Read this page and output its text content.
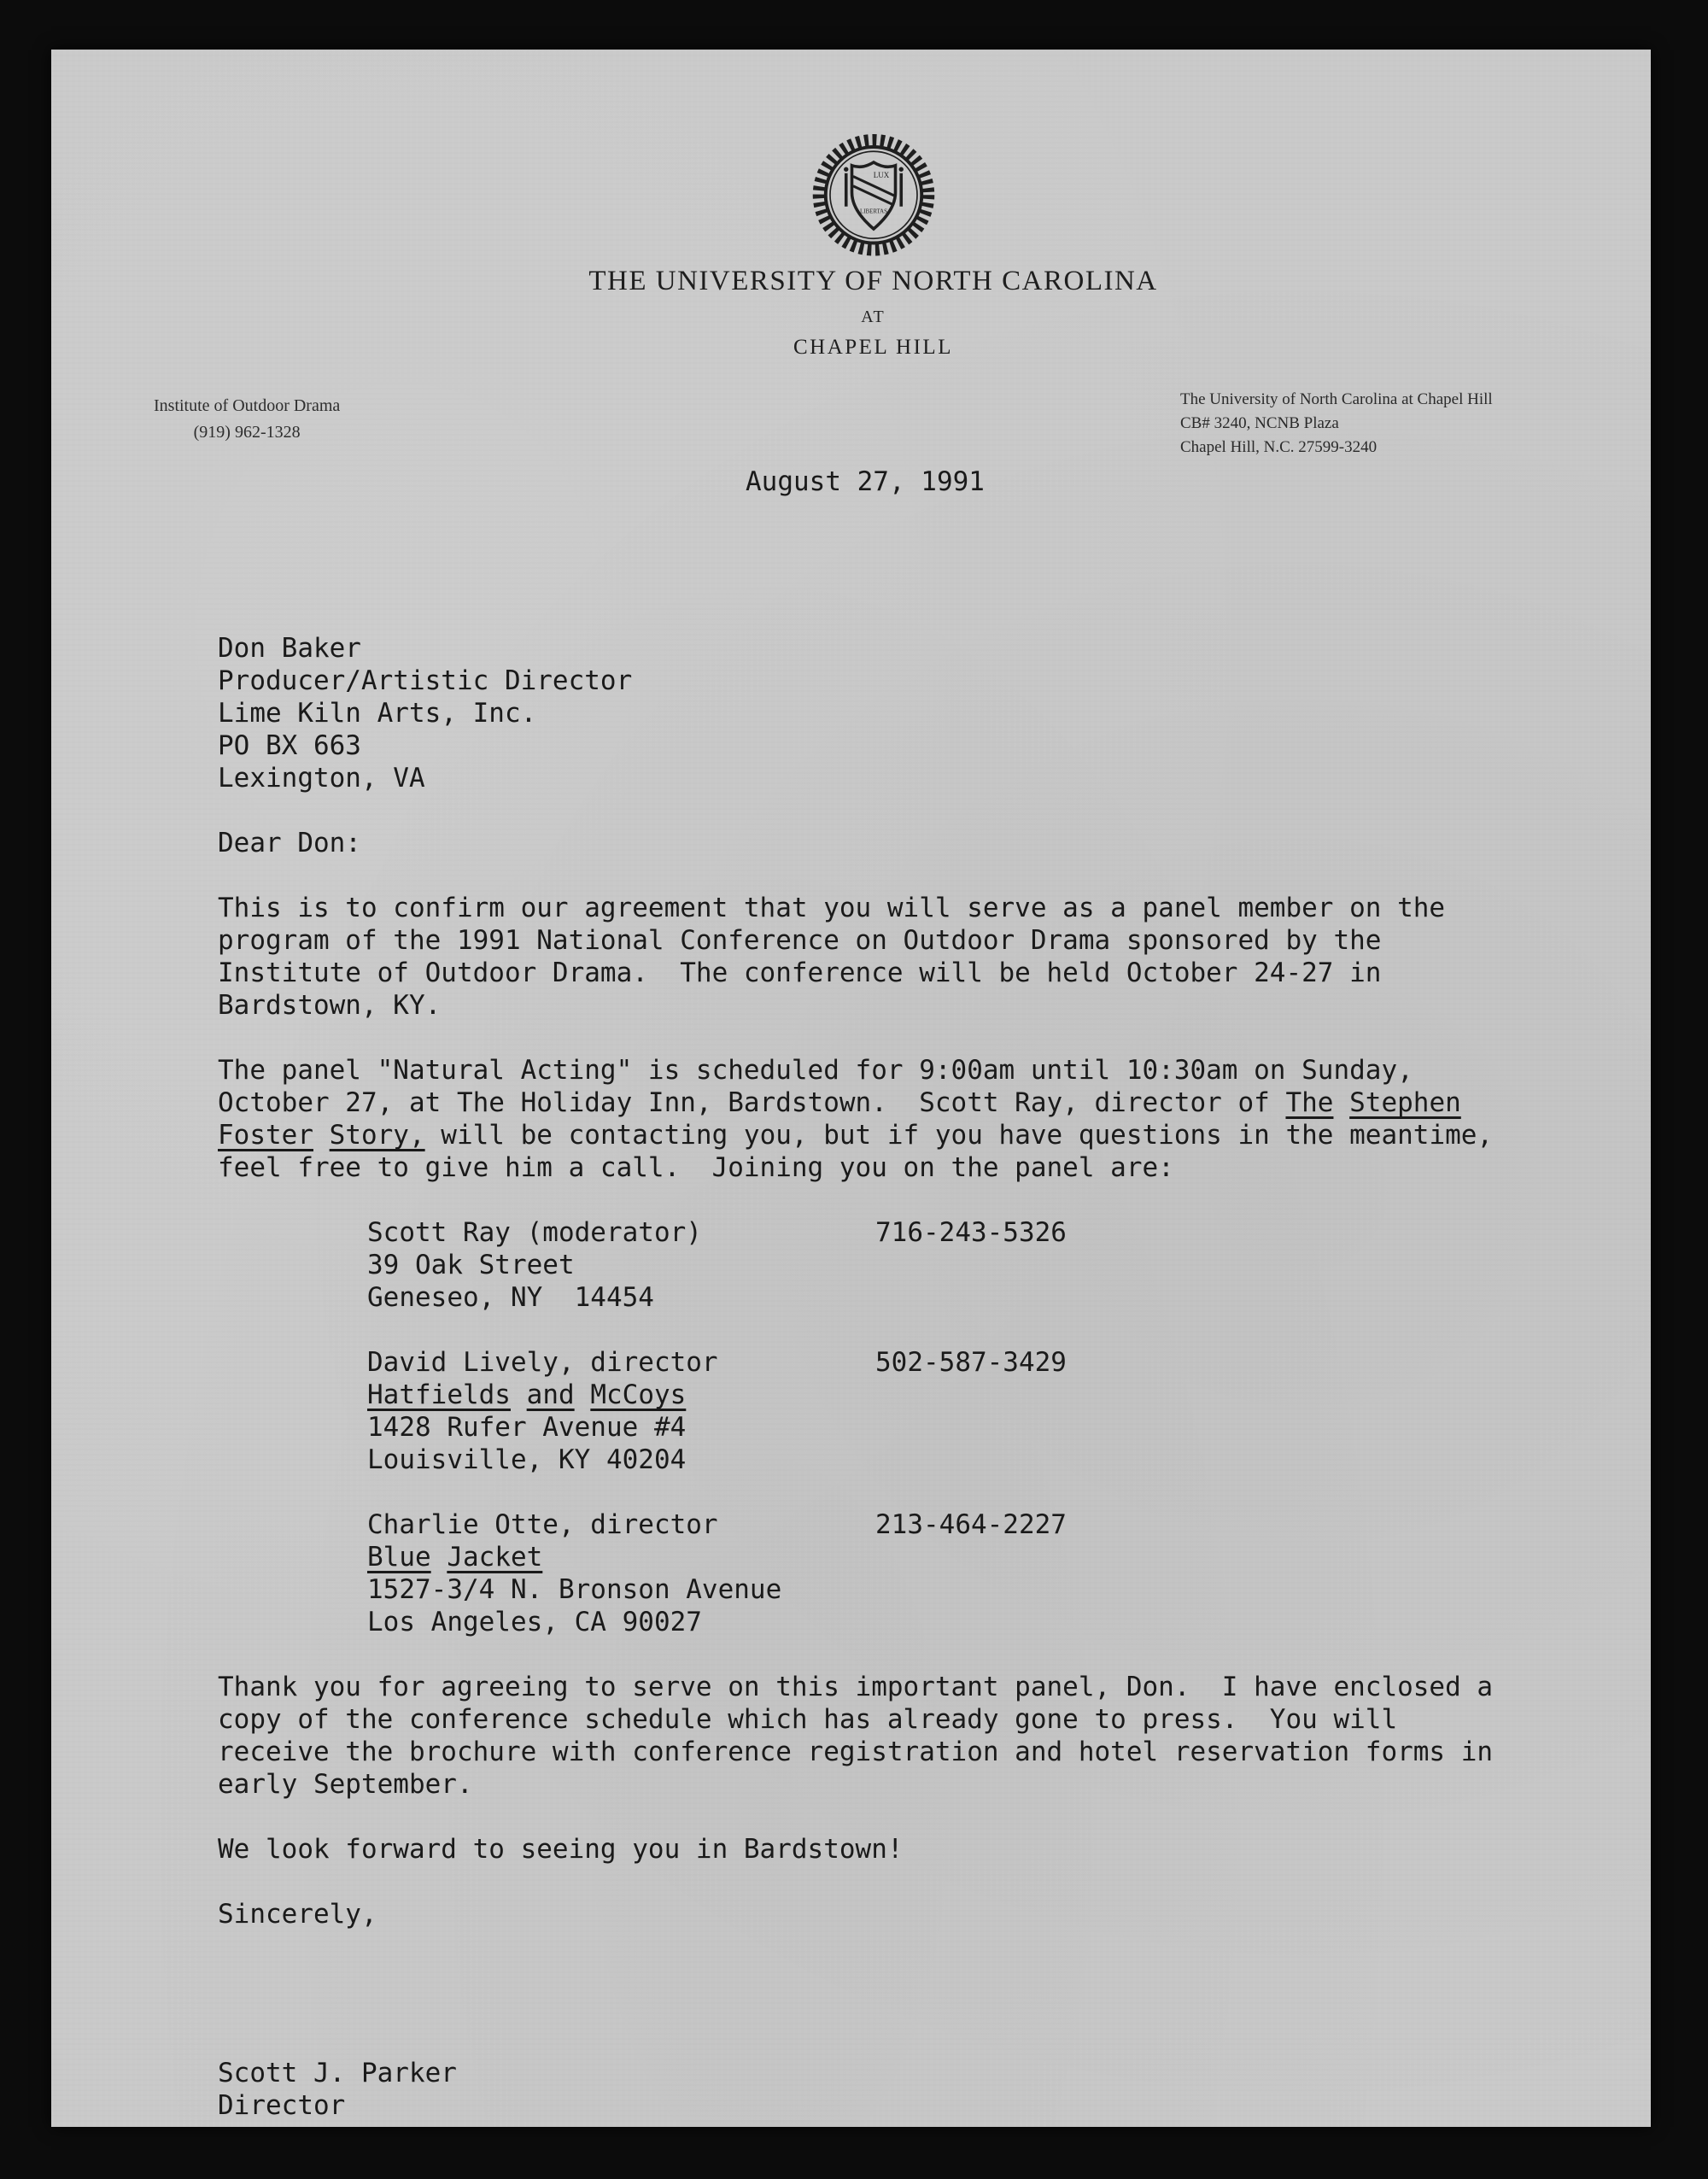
LUX
LIBERTAS
THE UNIVERSITY OF NORTH CAROLINA
AT
CHAPEL HILL
Institute of Outdoor Drama
(919) 962-1328
The University of North Carolina at Chapel Hill
CB# 3240, NCNB Plaza
Chapel Hill, N.C. 27599-3240
August 27, 1991
Don Baker
Producer/Artistic Director
Lime Kiln Arts, Inc.
PO BX 663
Lexington, VA
Dear Don:
This is to confirm our agreement that you will serve as a panel member on the
program of the 1991 National Conference on Outdoor Drama sponsored by the
Institute of Outdoor Drama.  The conference will be held October 24-27 in
Bardstown, KY.
The panel "Natural Acting" is scheduled for 9:00am until 10:30am on Sunday,
October 27, at The Holiday Inn, Bardstown.  Scott Ray, director of The Stephen
Foster Story, will be contacting you, but if you have questions in the meantime,
feel free to give him a call.  Joining you on the panel are:
Scott Ray (moderator)	716-243-5326
39 Oak Street
Geneseo, NY  14454
David Lively, director	502-587-3429
Hatfields and McCoys
1428 Rufer Avenue #4
Louisville, KY 40204
Charlie Otte, director	213-464-2227
Blue Jacket
1527-3/4 N. Bronson Avenue
Los Angeles, CA 90027
Thank you for agreeing to serve on this important panel, Don.  I have enclosed a
copy of the conference schedule which has already gone to press.  You will
receive the brochure with conference registration and hotel reservation forms in
early September.
We look forward to seeing you in Bardstown!
Sincerely,
Scott J. Parker
Director
